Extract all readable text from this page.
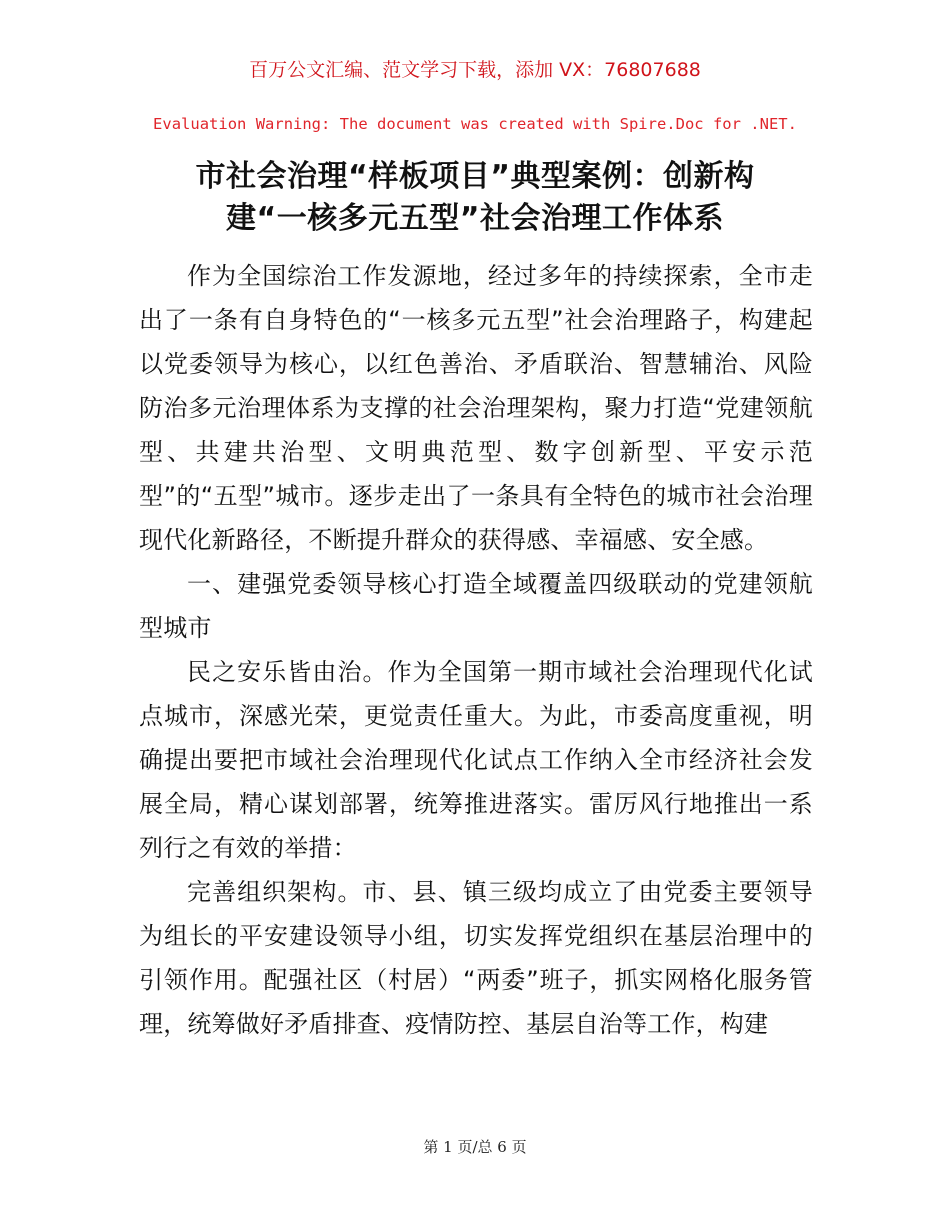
百万公文汇编、范文学习下载，添加 VX：76807688
Evaluation Warning: The document was created with Spire.Doc for .NET.
市社会治理“样板项目”典型案例：创新构
建“一核多元五型”社会治理工作体系

作为全国综治工作发源地，经过多年的持续探索，全市走出了一条有自身特色的“一核多元五型”社会治理路子，构建起以党委领导为核心，以红色善治、矛盾联治、智慧辅治、风险防治多元治理体系为支撑的社会治理架构，聚力打造“党建领航型、共建共治型、文明典范型、数字创新型、平安示范型”的“五型”城市。逐步走出了一条具有全特色的城市社会治理现代化新路径，不断提升群众的获得感、幸福感、安全感。

一、建强党委领导核心打造全域覆盖四级联动的党建领航型城市

民之安乐皆由治。作为全国第一期市域社会治理现代化试点城市，深感光荣，更觉责任重大。为此，市委高度重视，明确提出要把市域社会治理现代化试点工作纳入全市经济社会发展全局，精心谋划部署，统筹推进落实。雷厉风行地推出一系列行之有效的举措：

完善组织架构。市、县、镇三级均成立了由党委主要领导为组长的平安建设领导小组，切实发挥党组织在基层治理中的引领作用。配强社区（村居）“两委”班子，抓实网格化服务管理，统筹做好矛盾排查、疫情防控、基层自治等工作，构建

第 1 页/总 6 页
